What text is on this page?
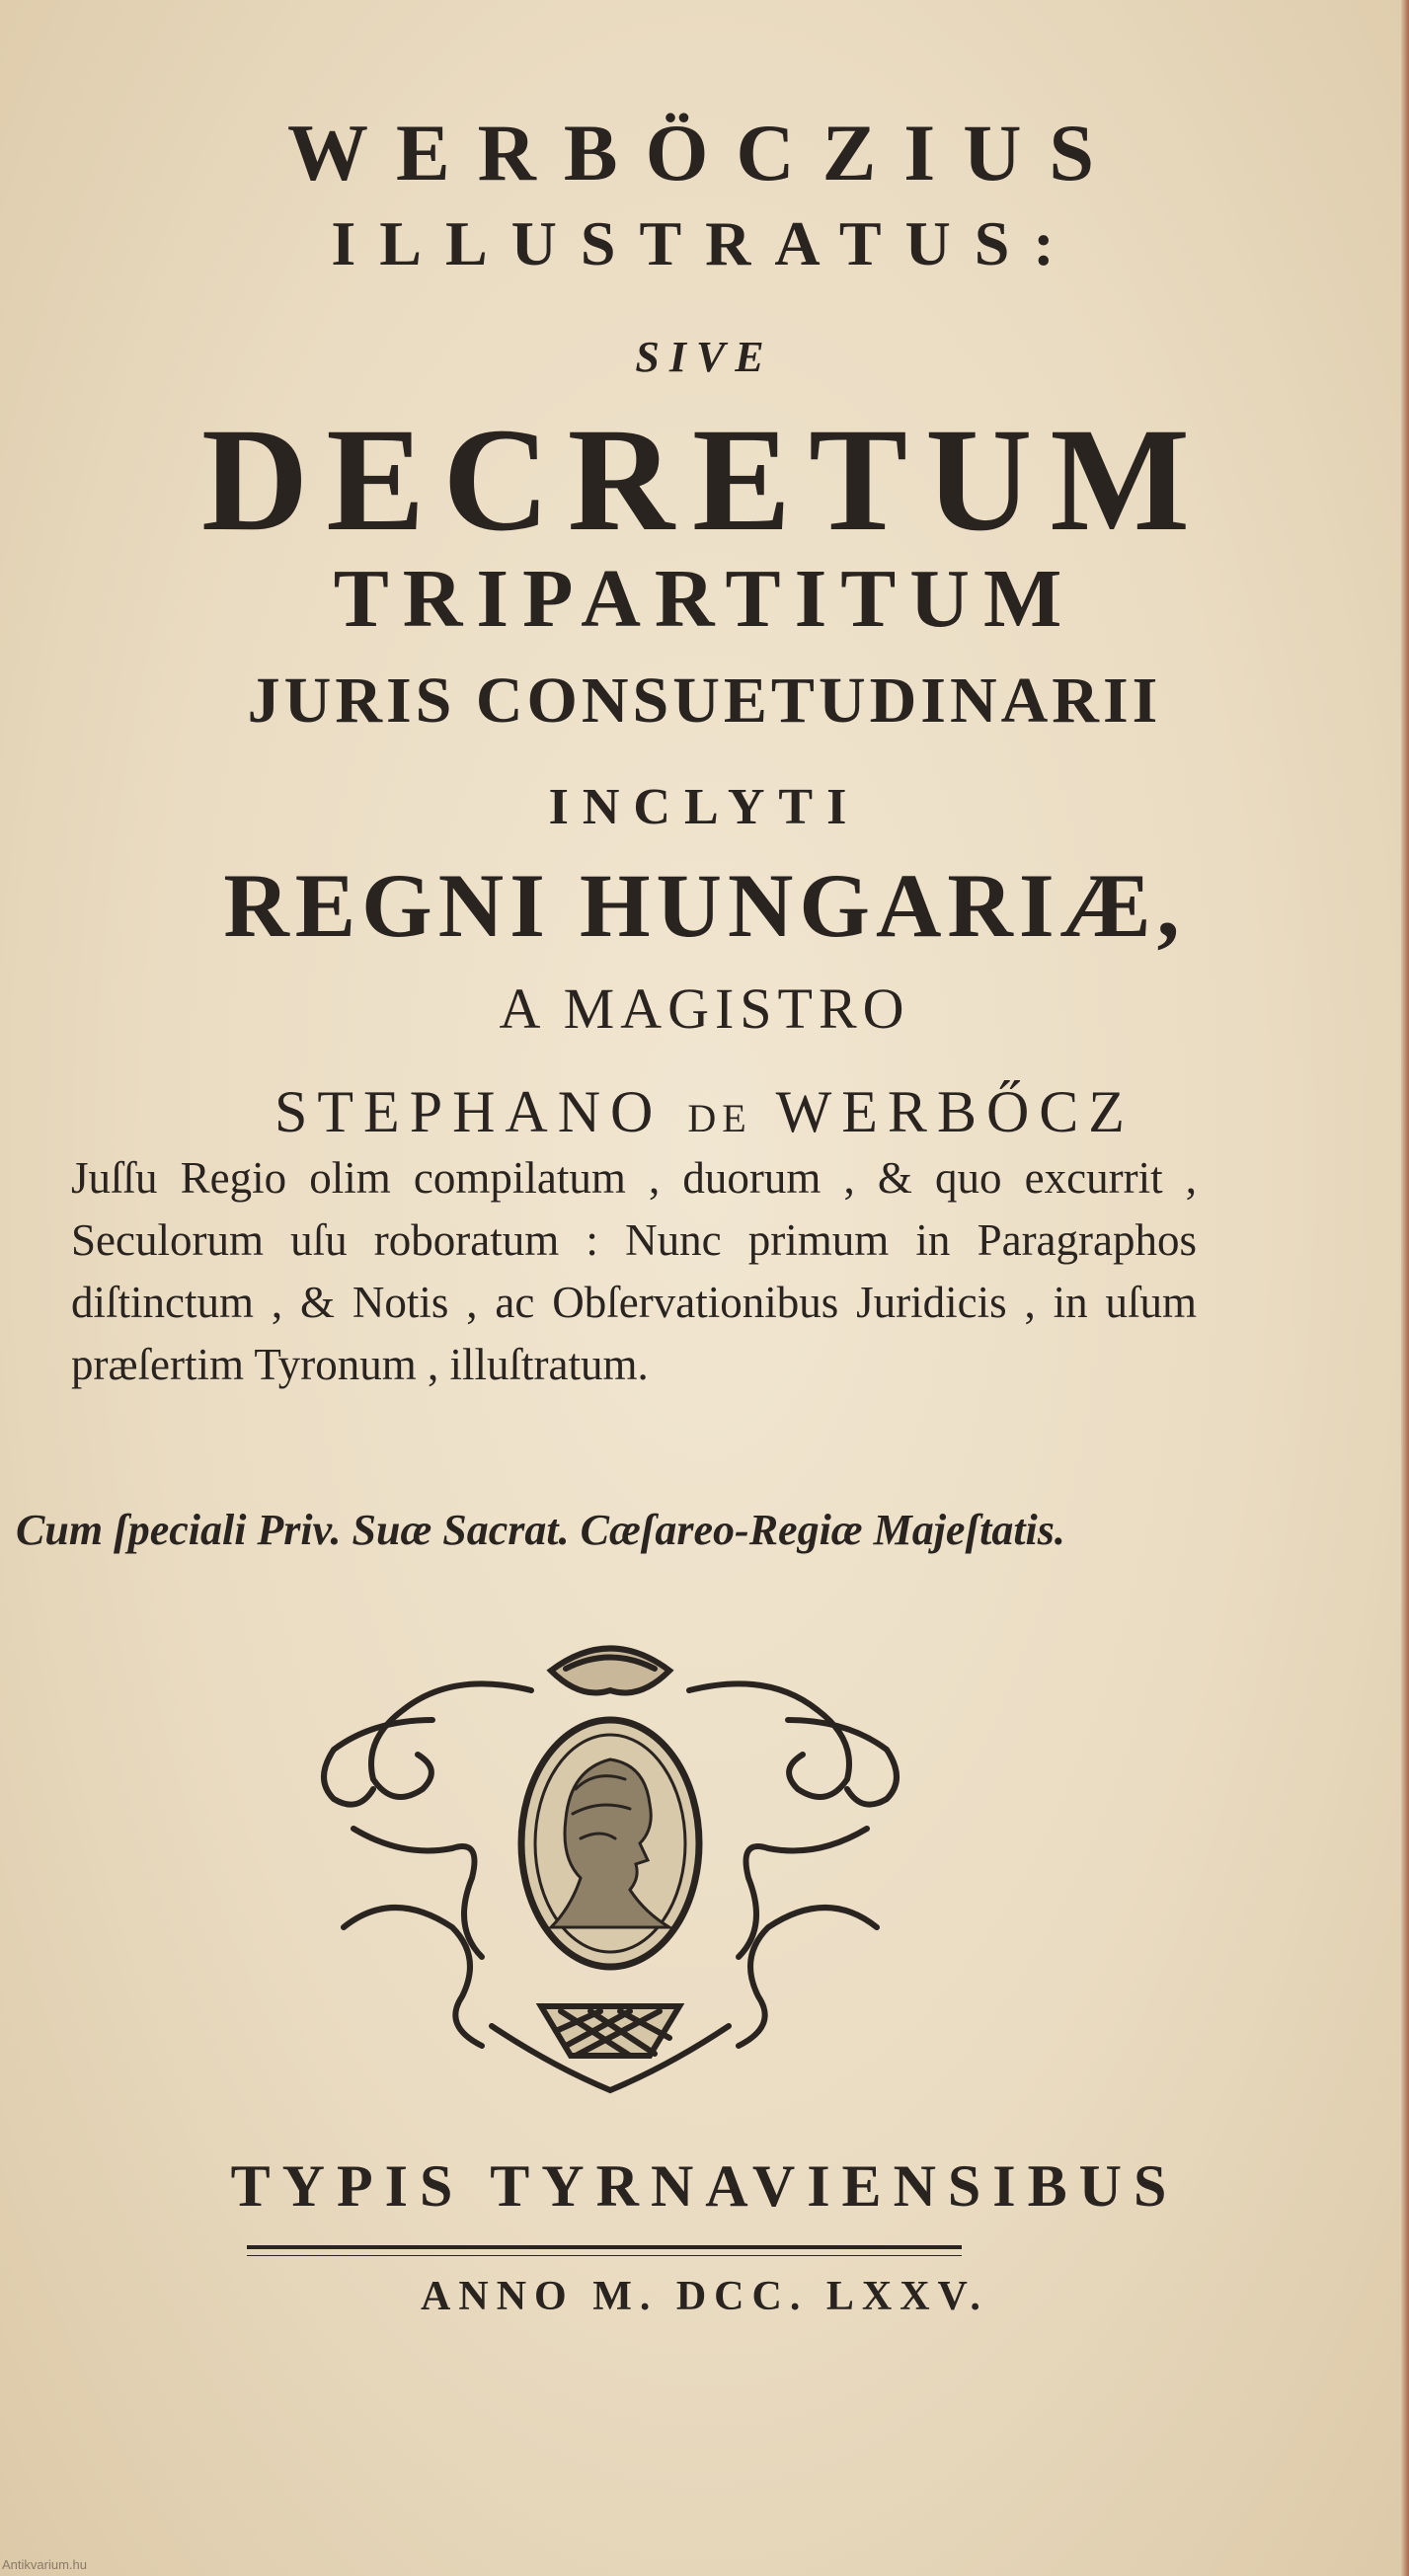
WERBÖCZIUS
ILLUSTRATUS:
SIVE
DECRETUM
TRIPARTITUM
JURIS CONSUETUDINARII
INCLYTI
REGNI HUNGARIÆ,
A MAGISTRO
STEPHANO DE WERBŐCZ
Juſſu Regio olim compilatum , duorum , & quo excurrit , Seculorum uſu roboratum : Nunc primum in Paragraphos diſtinctum , & Notis , ac Obſervationibus Juridicis , in uſum præſertim Tyronum , illuſtratum.
Cum ſpeciali Priv. Suæ Sacrat. Cæſareo-Regiæ Majeſtatis.
TYPIS TYRNAVIENSIBUS
ANNO M. DCC. LXXV.
Antikvarium.hu
